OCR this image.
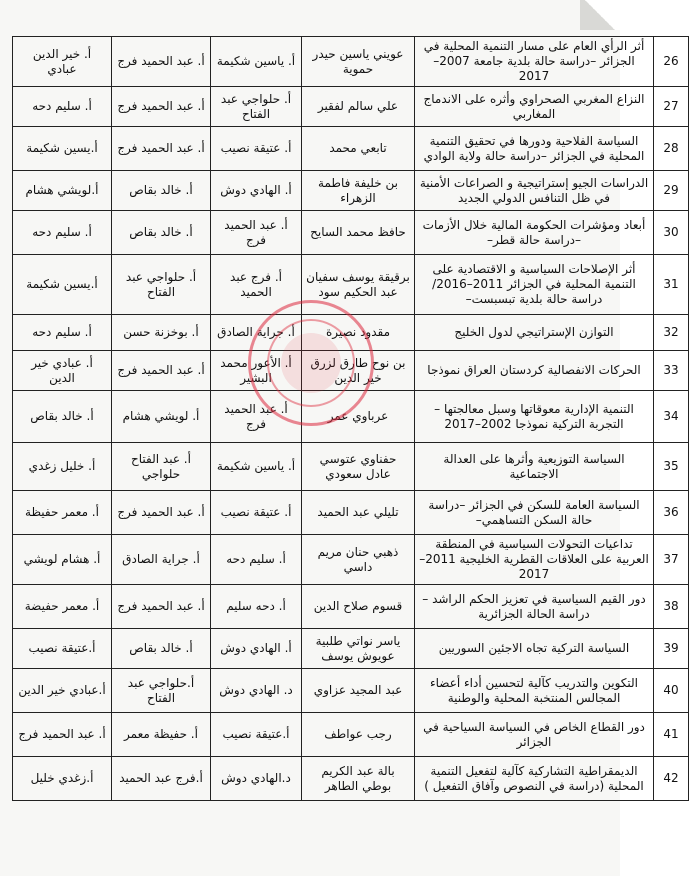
26	أثر الرأي العام على مسار التنمية المحلية في الجزائر –دراسة حالة بلدية جامعة 2007–2017	عويني ياسين حيدر حموية	أ. ياسين شكيمة	أ. عبد الحميد فرج	أ. خير الدين عبادي
27	النزاع المغربي الصحراوي وأثره على الاندماج المغاربي	علي سالم لفقير	أ. حلواجي عبد الفتاح	أ. عبد الحميد فرج	أ. سليم دحه
28	السياسة الفلاحية ودورها في تحقيق التنمية المحلية في الجزائر –دراسة حالة ولاية الوادي	تابعي محمد	أ. عتيقة نصيب	أ. عبد الحميد فرج	أ.يسين شكيمة
29	الدراسات الجيو إستراتيجية و الصراعات الأمنية في ظل التنافس الدولي الجديد	بن خليفة فاطمة الزهراء	أ. الهادي دوش	أ. خالد بقاص	أ.لويشي هشام
30	أبعاد ومؤشرات الحكومة المالية خلال الأزمات –دراسة حالة قطر–	حافظ محمد السايح	أ. عبد الحميد فرج	أ. خالد بقاص	أ. سليم دحه
31	أثر الإصلاحات السياسية و الاقتصادية على التنمية المحلية في الجزائر 2011–2016/ دراسة حالة بلدية تبسبست–	برقيقة يوسف سفيان عبد الحكيم سود	أ. فرج عبد الحميد	أ. حلواجي عبد الفتاح	أ.يسين شكيمة
32	التوازن الإستراتيجي لدول الخليج	مقدود نصيرة	أ. جراية الصادق	أ. بوخزنة حسن	أ. سليم دحه
33	الحركات الانفصالية كردستان العراق نموذجا	بن نوح طارق لزرق خير الدين	أ. الأعور محمد البشير	أ. عبد الحميد فرج	أ. عبادي خير الدين
34	التنمية الإدارية معوقاتها وسبل معالجتها – التجربة التركية نموذجا 2002–2017	عرباوي عمر	أ. عبد الحميد فرج	أ. لويشي هشام	أ. خالد بقاص
35	السياسة التوزيعية وأثرها على العدالة الاجتماعية	حفناوي عتوسي عادل سعودي	أ. ياسين شكيمة	أ. عبد الفتاح حلواجي	أ. خليل زغدي
36	السياسة العامة للسكن في الجزائر –دراسة حالة السكن التساهمي–	تليلي عبد الحميد	أ. عتيقة نصيب	أ. عبد الحميد فرج	أ. معمر حفيظة
37	تداعيات التحولات السياسية في المنطقة العربية على العلاقات القطرية الخليجية 2011–2017	ذهبي حنان مريم داسي	أ. سليم دحه	أ. جراية الصادق	أ. هشام لويشي
38	دور القيم السياسية في تعزيز الحكم الراشد – دراسة الحالة الجزائرية	قسوم صلاح الدين	أ. دحه سليم	أ. عبد الحميد فرج	أ. معمر حفيضة
39	السياسة التركية تجاه الاجئين السوريين	ياسر نواتي طلبية عويوش يوسف	أ. الهادي دوش	أ. خالد بقاص	أ.عتيقة نصيب
40	التكوين والتدريب كآلية لتحسين أداء أعضاء المجالس المنتخبة المحلية والوطنية	عبد المجيد عزاوي	د. الهادي دوش	أ.حلواجي عبد الفتاح	أ.عبادي خير الدين
41	دور القطاع الخاص في السياسة السياحية في الجزائر	رجب عواطف	أ.عتيقة نصيب	أ. حفيظة معمر	أ. عبد الحميد فرج
42	الديمقراطية التشاركية كآلية لتفعيل التنمية المحلية (دراسة في النصوص وآفاق التفعيل )	بالة عبد الكريم بوطي الطاهر	د.الهادي دوش	أ.فرج عبد الحميد	أ.زغدي خليل
